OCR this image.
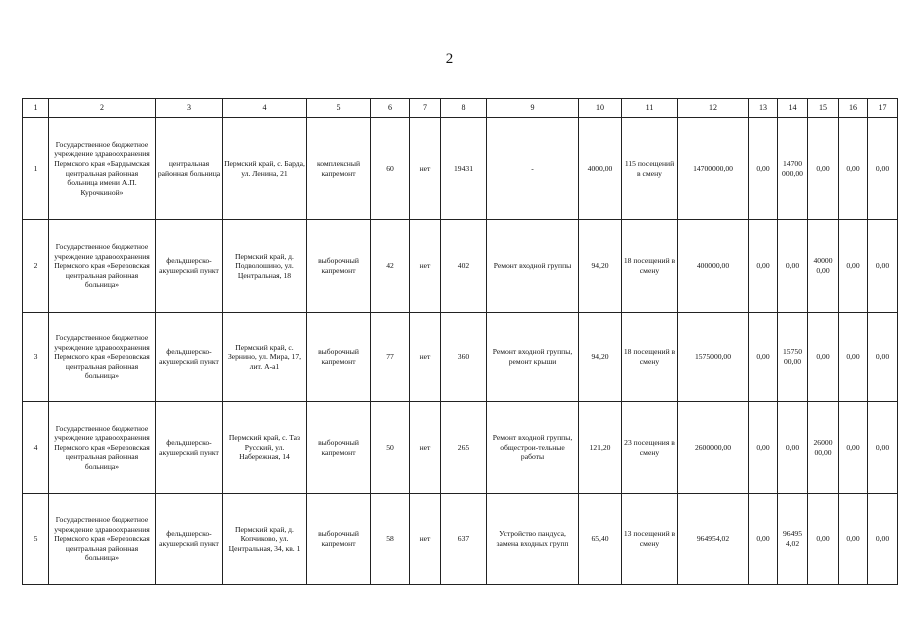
2
1	2	3	4	5	6	7	8	9	10	11	12	13	14	15	16	17
1	Государственное бюджетное учреждение здравоохранения Пермского края «Бардымская центральная районная больница имени А.П. Курочкиной»	центральная районная больница	Пермский край, с. Барда, ул. Ленина, 21	комплексный капремонт	60	нет	19431	-	4000,00	115 посещений в смену	14700000,00	0,00	14700 000,00	0,00	0,00	0,00
2	Государственное бюджетное учреждение здравоохранения Пермского края «Березовская центральная районная больница»	фельдшерско-акушерский пункт	Пермский край, д. Подволошино, ул. Центральная, 18	выборочный капремонт	42	нет	402	Ремонт входной группы	94,20	18 посещений в смену	400000,00	0,00	0,00	40000 0,00	0,00	0,00
3	Государственное бюджетное учреждение здравоохранения Пермского края «Березовская центральная районная больница»	фельдшерско-акушерский пункт	Пермский край, с. Зернино, ул. Мира, 17, лит. А-а1	выборочный капремонт	77	нет	360	Ремонт входной группы, ремонт крыши	94,20	18 посещений в смену	1575000,00	0,00	15750 00,00	0,00	0,00	0,00
4	Государственное бюджетное учреждение здравоохранения Пермского края «Березовская центральная районная больница»	фельдшерско-акушерский пункт	Пермский край, с. Таз Русский, ул. Набережная, 14	выборочный капремонт	50	нет	265	Ремонт входной группы, общестрои-тельные работы	121,20	23 посещения в смену	2600000,00	0,00	0,00	26000 00,00	0,00	0,00
5	Государственное бюджетное учреждение здравоохранения Пермского края «Березовская центральная районная больница»	фельдшерско-акушерский пункт	Пермский край, д. Копчиково, ул. Центральная, 34, кв. 1	выборочный капремонт	58	нет	637	Устройство пандуса, замена входных групп	65,40	13 посещений в смену	964954,02	0,00	96495 4,02	0,00	0,00	0,00
